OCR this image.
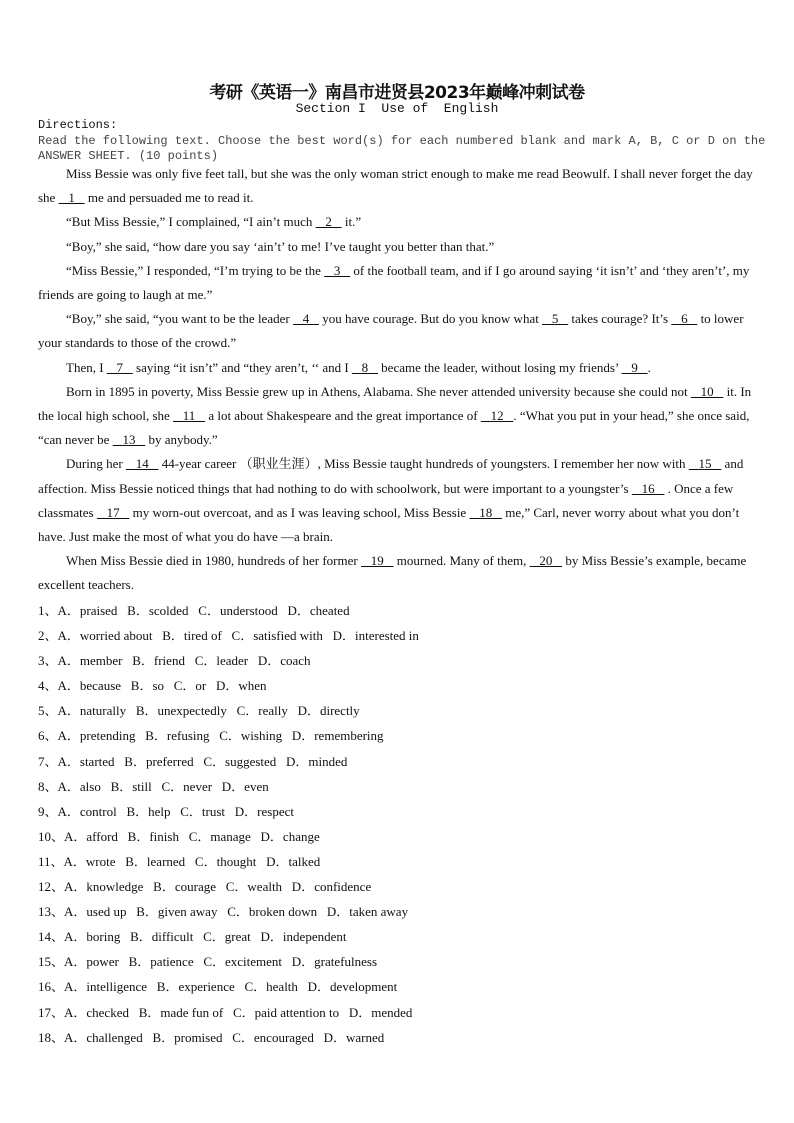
考研《英语一》南昌市进贤县2023年巅峰冲刺试卷
Section I  Use of  English
Directions:
Read the following text. Choose the best word(s) for each numbered blank and mark A, B, C or D on the ANSWER SHEET. (10 points)

Miss Bessie was only five feet tall, but she was the only woman strict enough to make me read Beowulf. I shall never forget the day she  _1_  me and persuaded me to read it.

“But Miss Bessie,” I complained, “I ain’t much  _2_  it.”

“Boy,” she said, “how dare you say ‘ain’t’ to me! I’ve taught you better than that.”

“Miss Bessie,” I responded, “I’m trying to be the  _3_  of the football team, and if I go around saying ‘it isn’t’ and ‘they aren’t’, my friends are going to laugh at me.”

“Boy,” she said, “you want to be the leader  _4_  you have courage. But do you know what  _5_  takes courage? It’s  _6_  to lower your standards to those of the crowd.”

Then, I  _7_  saying “it isn’t” and “they aren’t, ‘‘ and I  _8_  became the leader, without losing my friends’  _9_ .

Born in 1895 in poverty, Miss Bessie grew up in Athens, Alabama. She never attended university because she could not  _10_  it. In the local high school, she  _11_  a lot about Shakespeare and the great importance of  _12_ . “What you put in your head,” she once said, “can never be  _13_  by anybody.”

During her  _14_  44-year career （职业生涯）, Miss Bessie taught hundreds of youngsters. I remember her now with  _15_  and affection. Miss Bessie noticed things that had nothing to do with schoolwork, but were important to a youngster’s  _16_  . Once a few classmates  _17_  my worn-out overcoat, and as I was leaving school, Miss Bessie  _18_  me,” Carl, never worry about what you don’t have. Just make the most of what you do have —a brain.

When Miss Bessie died in 1980, hundreds of her former  _19_  mourned. Many of them,  _20_  by Miss Bessie’s example, became excellent teachers.

1、A．praised   B．scolded   C．understood   D．cheated
2、A．worried about   B．tired of   C．satisfied with   D．interested in
3、A．member   B．friend   C．leader   D．coach
4、A．because   B．so   C．or   D．when
5、A．naturally   B．unexpectedly   C．really   D．directly
6、A．pretending   B．refusing   C．wishing   D．remembering
7、A．started   B．preferred   C．suggested   D．minded
8、A．also   B．still   C．never   D．even
9、A．control   B．help   C．trust   D．respect
10、A．afford   B．finish   C．manage   D．change
11、A．wrote   B．learned   C．thought   D．talked
12、A．knowledge   B．courage   C．wealth   D．confidence
13、A．used up   B．given away   C．broken down   D．taken away
14、A．boring   B．difficult   C．great   D．independent
15、A．power   B．patience   C．excitement   D．gratefulness
16、A．intelligence   B．experience   C．health   D．development
17、A．checked   B．made fun of   C．paid attention to   D．mended
18、A．challenged   B．promised   C．encouraged   D．warned
